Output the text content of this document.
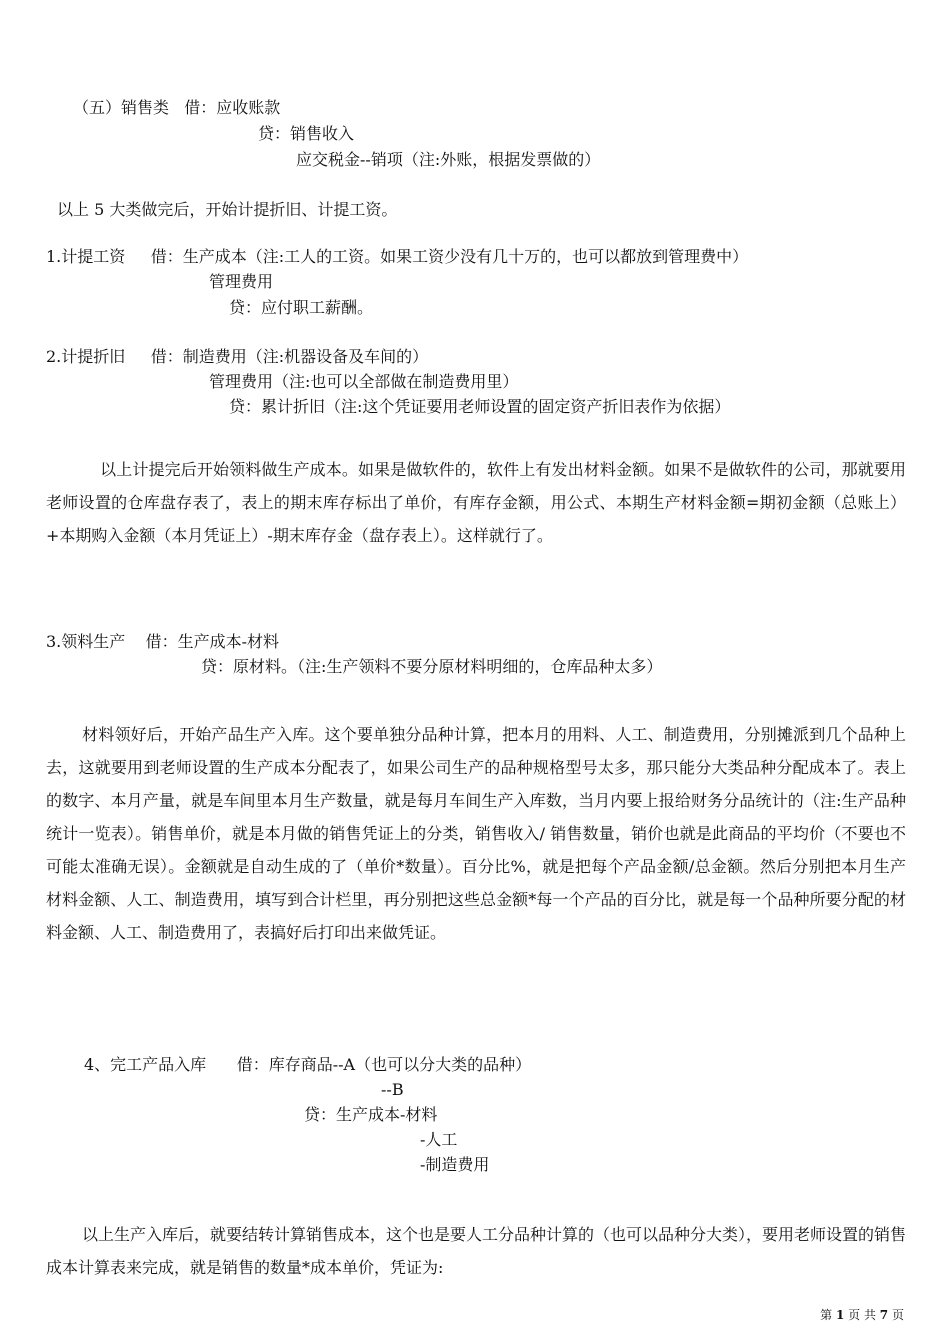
（五）销售类   借：应收账款
贷：销售收入
应交税金--销项（注:外账，根据发票做的）
以上 5 大类做完后，开始计提折旧、计提工资。
1.计提工资     借：生产成本（注:工人的工资。如果工资少没有几十万的，也可以都放到管理费中）
管理费用
贷：应付职工薪酬。
2.计提折旧     借：制造费用（注:机器设备及车间的）
管理费用（注:也可以全部做在制造费用里）
贷：累计折旧（注:这个凭证要用老师设置的固定资产折旧表作为依据）
以上计提完后开始领料做生产成本。如果是做软件的，软件上有发出材料金额。如果不是做软件的公司，那就要用老师设置的仓库盘存表了，表上的期末库存标出了单价，有库存金额，用公式、本期生产材料金额=期初金额（总账上）+本期购入金额（本月凭证上）-期末库存金（盘存表上）。这样就行了。
3.领料生产    借：生产成本-材料
贷：原材料。（注:生产领料不要分原材料明细的，仓库品种太多）
材料领好后，开始产品生产入库。这个要单独分品种计算，把本月的用料、人工、制造费用，分别摊派到几个品种上去，这就要用到老师设置的生产成本分配表了，如果公司生产的品种规格型号太多，那只能分大类品种分配成本了。表上的数字、本月产量，就是车间里本月生产数量，就是每月车间生产入库数，当月内要上报给财务分品统计的（注:生产品种统计一览表）。销售单价，就是本月做的销售凭证上的分类，销售收入/ 销售数量，销价也就是此商品的平均价（不要也不可能太准确无误）。金额就是自动生成的了（单价*数量）。百分比%，就是把每个产品金额/总金额。然后分别把本月生产材料金额、人工、制造费用，填写到合计栏里，再分别把这些总金额*每一个产品的百分比，就是每一个品种所要分配的材料金额、人工、制造费用了，表搞好后打印出来做凭证。
4、完工产品入库      借：库存商品--A（也可以分大类的品种）
--B
贷：生产成本-材料
-人工
-制造费用
以上生产入库后，就要结转计算销售成本，这个也是要人工分品种计算的（也可以品种分大类），要用老师设置的销售成本计算表来完成，就是销售的数量*成本单价，凭证为:
第 1 页 共 7 页
